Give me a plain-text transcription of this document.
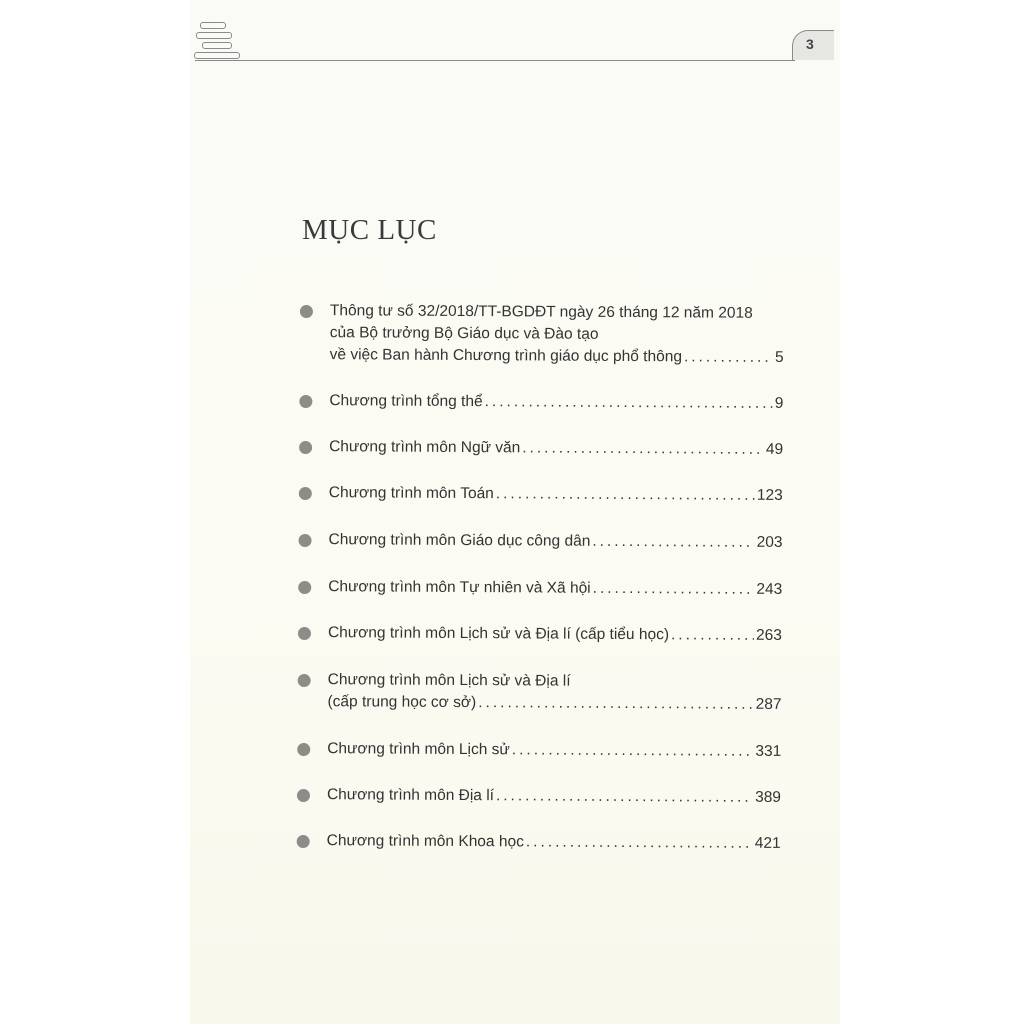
3
MỤC LỤC
Thông tư số 32/2018/TT-BGDĐT ngày 26 tháng 12 năm 2018
của Bộ trưởng Bộ Giáo dục và Đào tạo
về việc Ban hành Chương trình giáo dục phổ thông .....	5
Chương trình tổng thể .....	9
Chương trình môn Ngữ văn .....	49
Chương trình môn Toán .....	123
Chương trình môn Giáo dục công dân .....	203
Chương trình môn Tự nhiên và Xã hội .....	243
Chương trình môn Lịch sử và Địa lí (cấp tiểu học) .....	263
Chương trình môn Lịch sử và Địa lí
(cấp trung học cơ sở) .....	287
Chương trình môn Lịch sử .....	331
Chương trình môn Địa lí .....	389
Chương trình môn Khoa học .....	421
